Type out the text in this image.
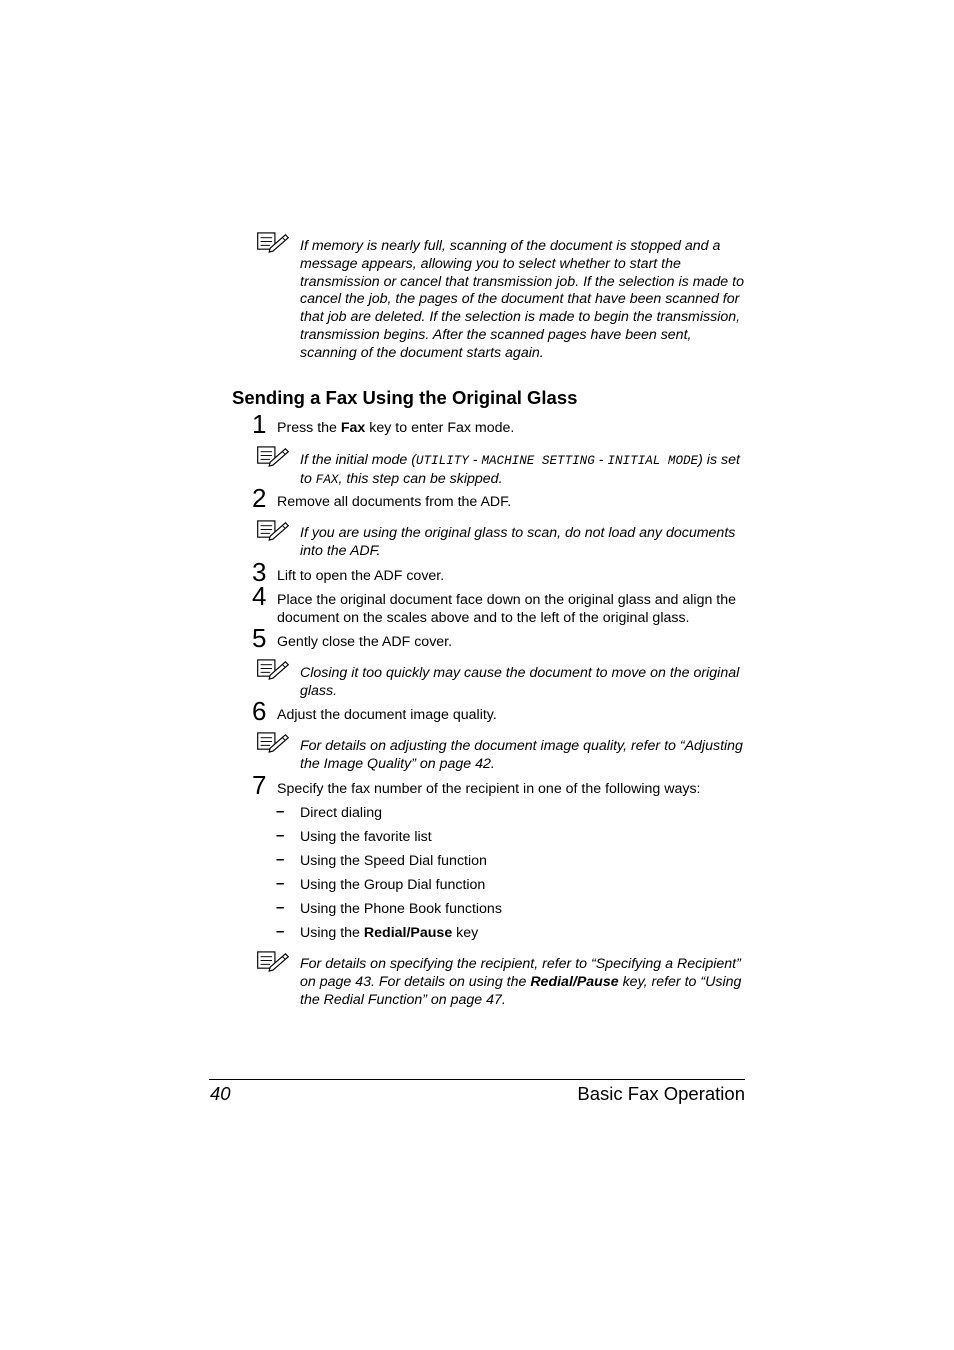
If memory is nearly full, scanning of the document is stopped and a message appears, allowing you to select whether to start the transmission or cancel that transmission job. If the selection is made to cancel the job, the pages of the document that have been scanned for that job are deleted. If the selection is made to begin the transmission, transmission begins. After the scanned pages have been sent, scanning of the document starts again.
Sending a Fax Using the Original Glass
1 Press the Fax key to enter Fax mode.
If the initial mode (UTILITY - MACHINE SETTING - INITIAL MODE) is set to FAX, this step can be skipped.
2 Remove all documents from the ADF.
If you are using the original glass to scan, do not load any documents into the ADF.
3 Lift to open the ADF cover.
4 Place the original document face down on the original glass and align the document on the scales above and to the left of the original glass.
5 Gently close the ADF cover.
Closing it too quickly may cause the document to move on the original glass.
6 Adjust the document image quality.
For details on adjusting the document image quality, refer to “Adjusting the Image Quality” on page 42.
7 Specify the fax number of the recipient in one of the following ways:
– Direct dialing
– Using the favorite list
– Using the Speed Dial function
– Using the Group Dial function
– Using the Phone Book functions
– Using the Redial/Pause key
For details on specifying the recipient, refer to “Specifying a Recipient” on page 43. For details on using the Redial/Pause key, refer to “Using the Redial Function” on page 47.
40	Basic Fax Operation
